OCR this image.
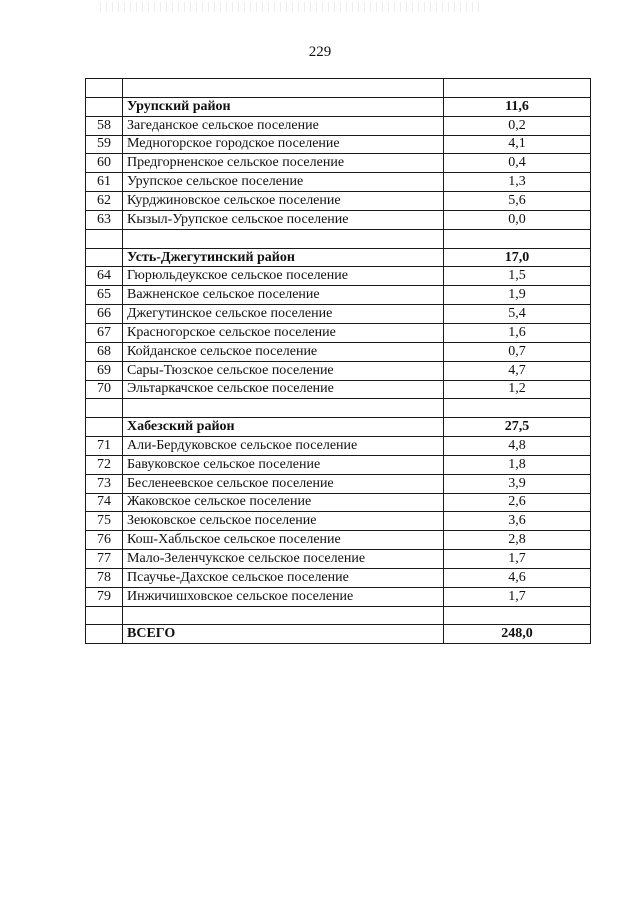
229

	Урупский район	11,6
58	Загеданское сельское поселение	0,2
59	Медногорское городское поселение	4,1
60	Предгорненское сельское поселение	0,4
61	Урупское сельское поселение	1,3
62	Курджиновское сельское поселение	5,6
63	Кызыл-Урупское сельское поселение	0,0

	Усть-Джегутинский район	17,0
64	Гюрюльдеукское сельское поселение	1,5
65	Важненское сельское поселение	1,9
66	Джегутинское сельское поселение	5,4
67	Красногорское сельское поселение	1,6
68	Койданское сельское поселение	0,7
69	Сары-Тюзское сельское поселение	4,7
70	Эльтаркачское сельское поселение	1,2

	Хабезский район	27,5
71	Али-Бердуковское сельское поселение	4,8
72	Бавуковское сельское поселение	1,8
73	Бесленеевское сельское поселение	3,9
74	Жаковское сельское поселение	2,6
75	Зеюковское сельское поселение	3,6
76	Кош-Хабльское сельское поселение	2,8
77	Мало-Зеленчукское сельское поселение	1,7
78	Псаучье-Дахское сельское поселение	4,6
79	Инжичишховское сельское поселение	1,7

	ВСЕГО	248,0
